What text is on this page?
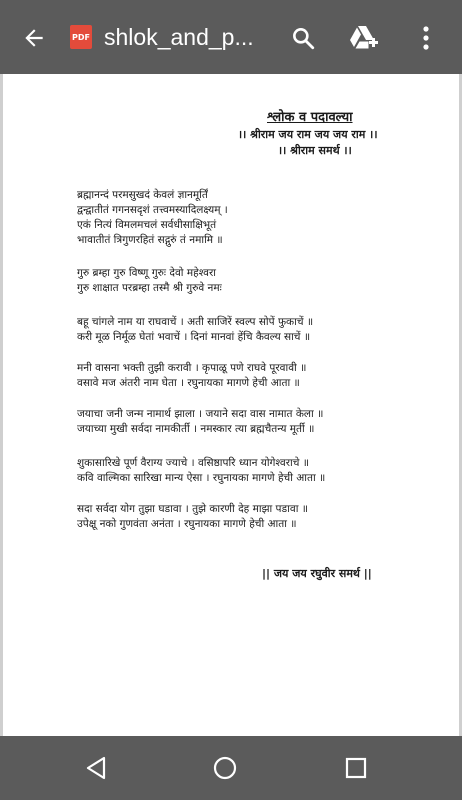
PDF shlok_and_p...
श्लोक व पदावल्या
।। श्रीराम जय राम जय जय राम ।।
।। श्रीराम समर्थ ।।
ब्रह्मानन्दं परमसुखदं केवलं ज्ञानमूर्तिं
द्वन्द्वातीतं गगनसदृशं तत्त्वमस्यादिलक्ष्यम् ।
एकं नित्यं विमलमचलं सर्वधीसाक्षिभूतं
भावातीतं त्रिगुणरहितं सद्गुरुं तं नमामि ॥
गुरु ब्रम्हा गुरु विष्णू गुरुः देवो महेश्वरा
गुरु शाक्षात परब्रम्हा तस्मै श्री गुरुवे नमः
बहू चांगले नाम या राघवाचें । अती साजिरें स्वल्प सोपें फुकाचें ॥
करी मूळ निर्मूळ घेतां भवाचें । दिनां मानवां हेंचि कैवल्य साचें ॥
मनी वासना भक्ती तुझी करावी । कृपाळू पणे राघवे पूरवावी ॥
वसावे मज अंतरी नाम घेता । रघुनायका मागणे हेची आता ॥
जयाचा जनी जन्म नामार्थ झाला । जयाने सदा वास नामात केला ॥
जयाच्या मुखी सर्वदा नामकीर्ती । नमस्कार त्या ब्रह्मचैतन्य मूर्ती ॥
शुकासारिखे पूर्ण वैराग्य ज्याचे । वसिष्ठापरि ध्यान योगेश्वराचे ॥
कवि वाल्मिका सारिखा मान्य ऐसा । रघुनायका मागणे हेची आता ॥
सदा सर्वदा योग तुझा घडावा । तुझे कारणी देह माझा पडावा ॥
उपेक्षू नको गुणवंता अनंता । रघुनायका मागणे हेची आता ॥
|| जय जय रघुवीर समर्थ ||
